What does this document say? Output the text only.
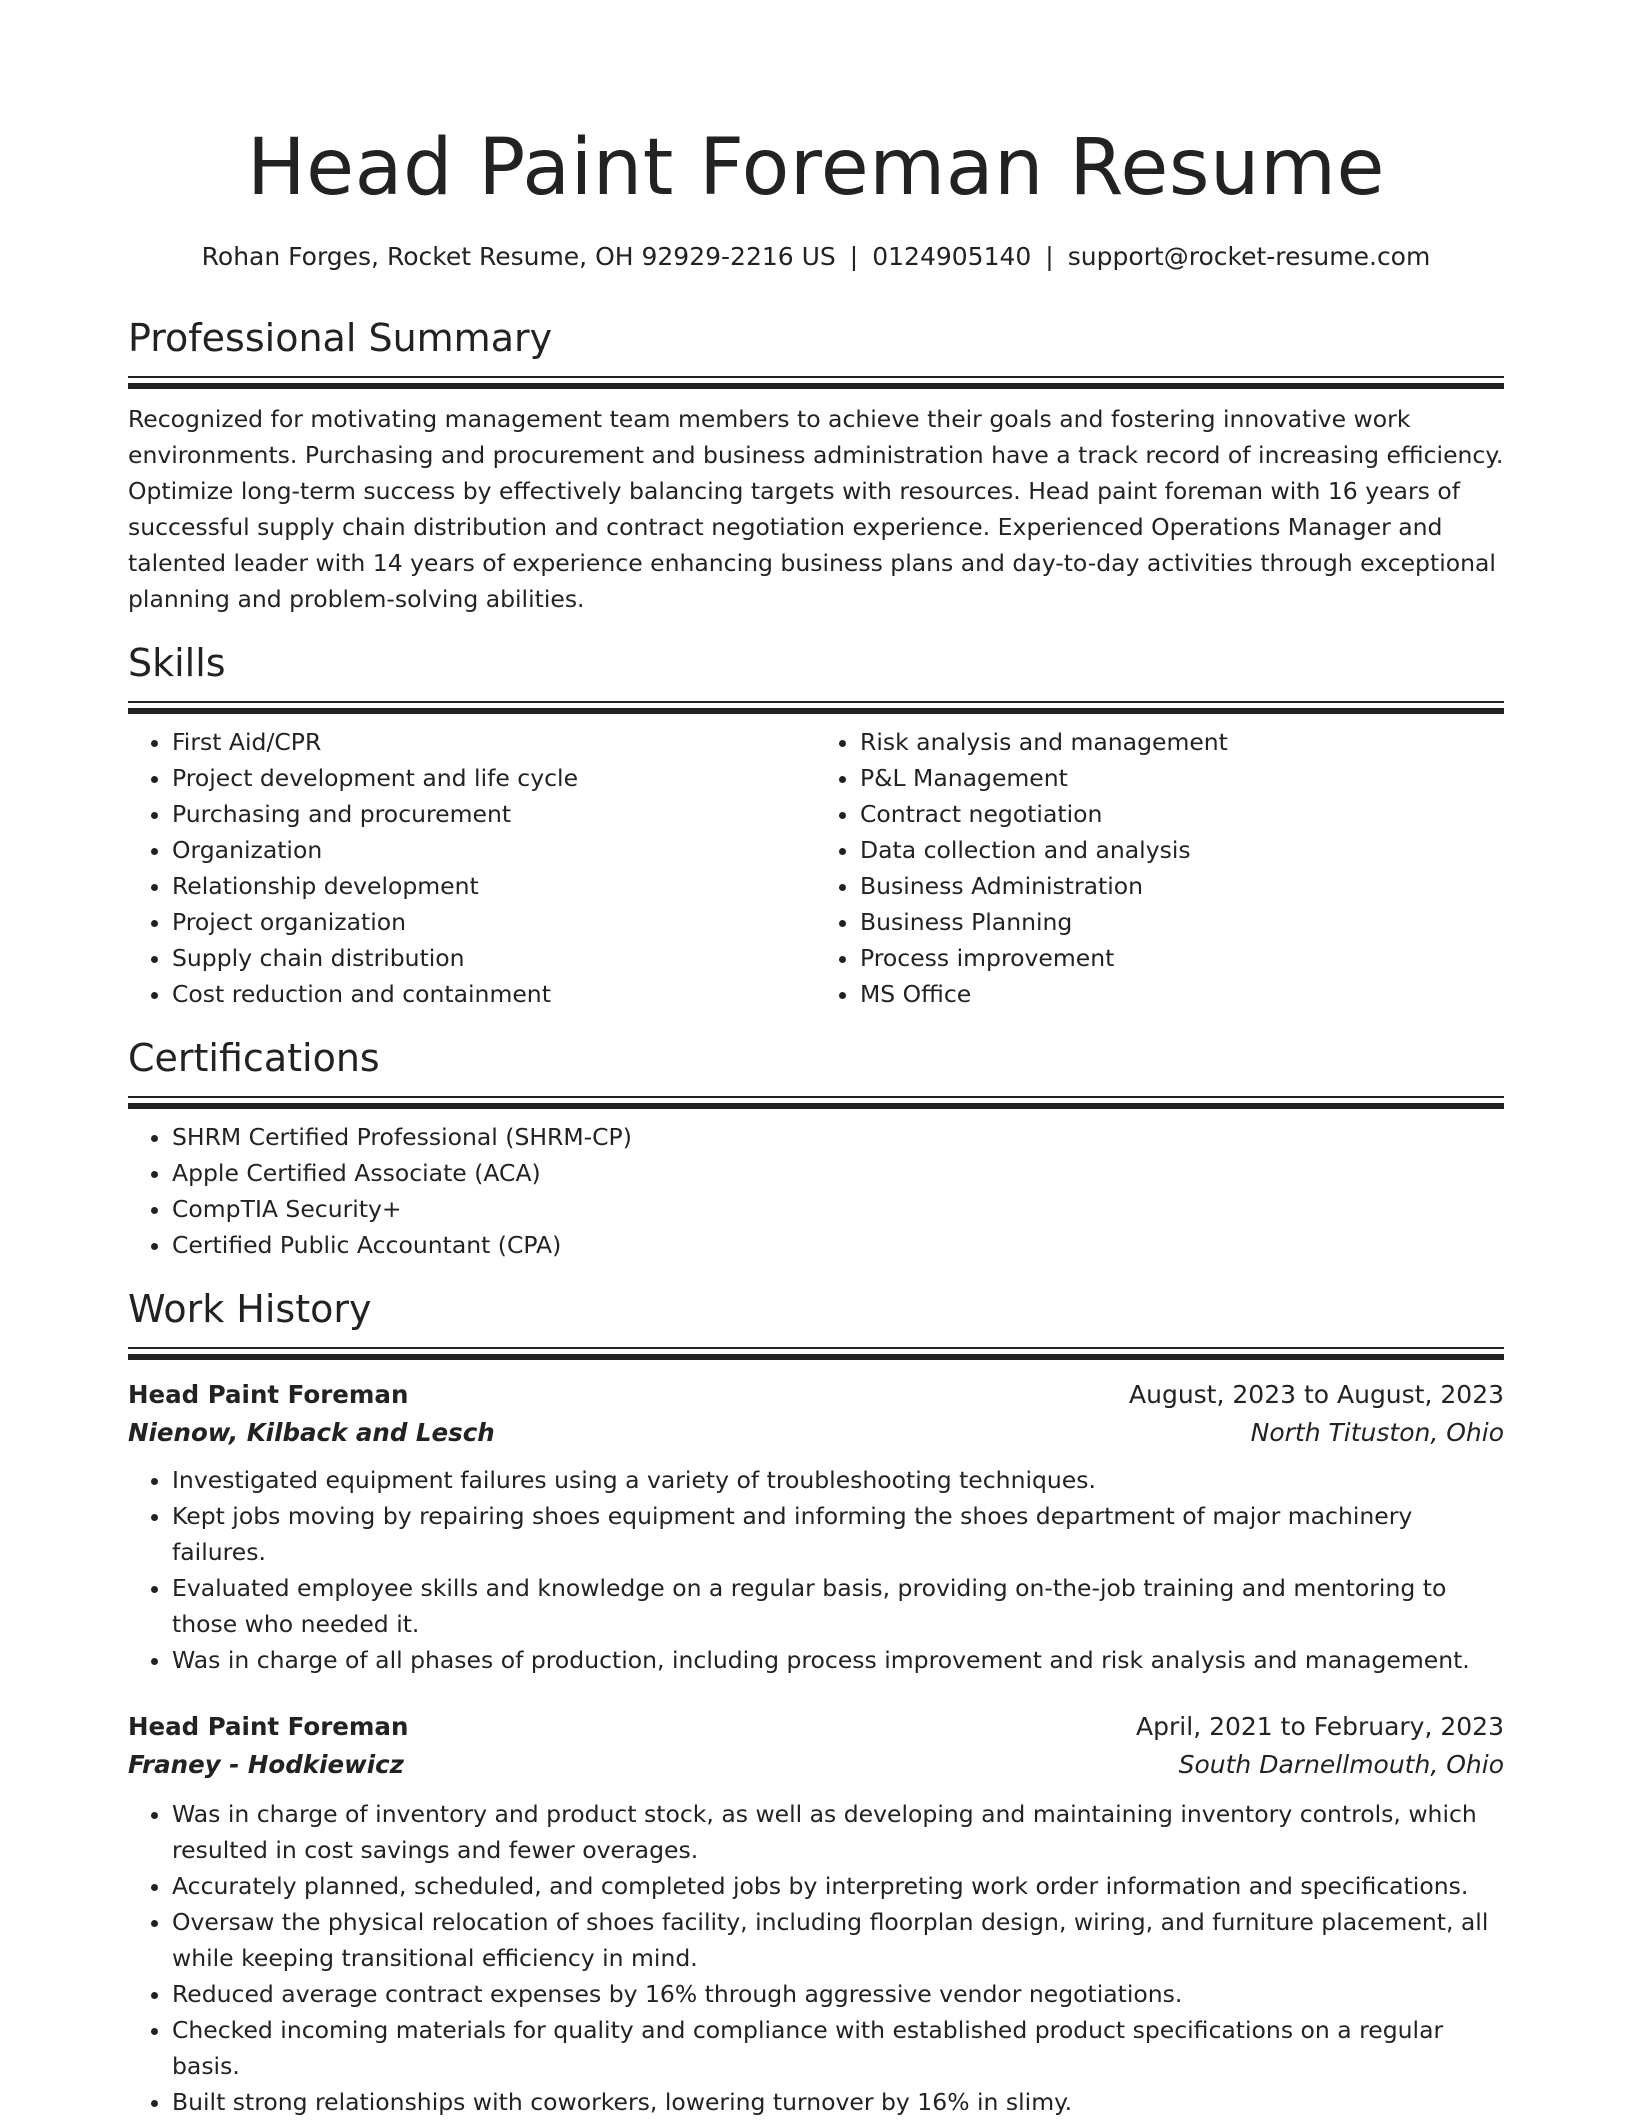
Head Paint Foreman Resume
Rohan Forges, Rocket Resume, OH 92929-2216 US | 0124905140 | support@rocket-resume.com
Professional Summary
Recognized for motivating management team members to achieve their goals and fostering innovative work environments. Purchasing and procurement and business administration have a track record of increasing efficiency. Optimize long-term success by effectively balancing targets with resources. Head paint foreman with 16 years of successful supply chain distribution and contract negotiation experience. Experienced Operations Manager and talented leader with 14 years of experience enhancing business plans and day-to-day activities through exceptional planning and problem-solving abilities.
Skills
• First Aid/CPR
• Project development and life cycle
• Purchasing and procurement
• Organization
• Relationship development
• Project organization
• Supply chain distribution
• Cost reduction and containment
• Risk analysis and management
• P&L Management
• Contract negotiation
• Data collection and analysis
• Business Administration
• Business Planning
• Process improvement
• MS Office
Certifications
• SHRM Certified Professional (SHRM-CP)
• Apple Certified Associate (ACA)
• CompTIA Security+
• Certified Public Accountant (CPA)
Work History
Head Paint Foreman	August, 2023 to August, 2023
Nienow, Kilback and Lesch	North Tituston, Ohio
• Investigated equipment failures using a variety of troubleshooting techniques.
• Kept jobs moving by repairing shoes equipment and informing the shoes department of major machinery failures.
• Evaluated employee skills and knowledge on a regular basis, providing on-the-job training and mentoring to those who needed it.
• Was in charge of all phases of production, including process improvement and risk analysis and management.
Head Paint Foreman	April, 2021 to February, 2023
Franey - Hodkiewicz	South Darnellmouth, Ohio
• Was in charge of inventory and product stock, as well as developing and maintaining inventory controls, which resulted in cost savings and fewer overages.
• Accurately planned, scheduled, and completed jobs by interpreting work order information and specifications.
• Oversaw the physical relocation of shoes facility, including floorplan design, wiring, and furniture placement, all while keeping transitional efficiency in mind.
• Reduced average contract expenses by 16% through aggressive vendor negotiations.
• Checked incoming materials for quality and compliance with established product specifications on a regular basis.
• Built strong relationships with coworkers, lowering turnover by 16% in slimy.
